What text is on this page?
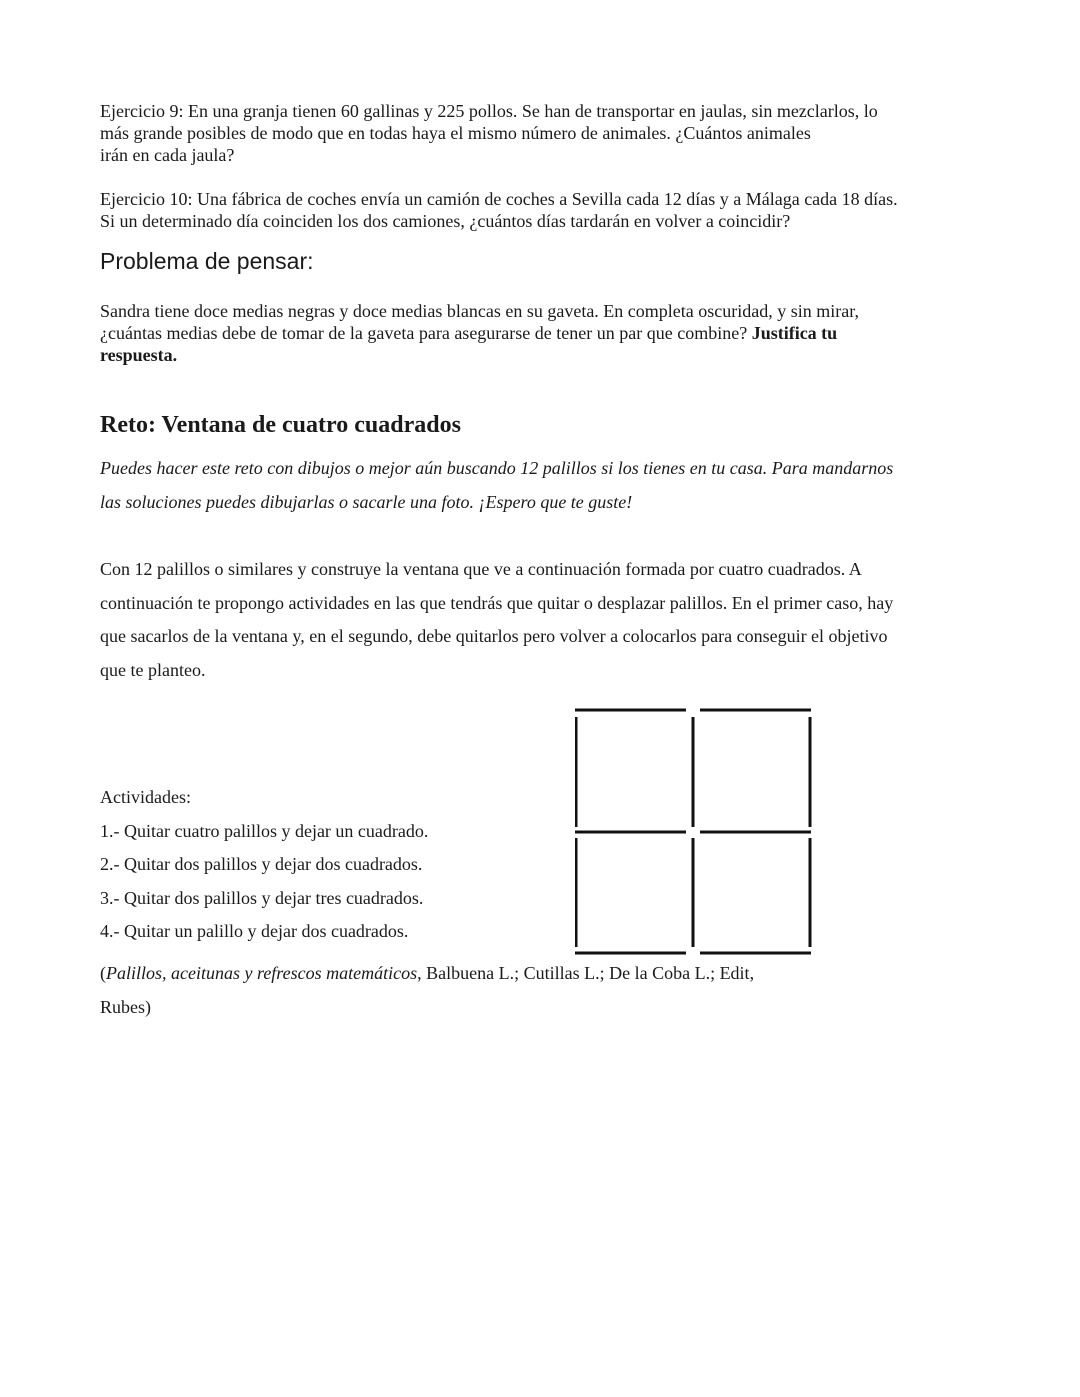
Ejercicio 9: En una granja tienen 60 gallinas y 225 pollos. Se han de transportar en jaulas, sin mezclarlos, lo
más grande posibles de modo que en todas haya el mismo número de animales. ¿Cuántos animales
irán en cada jaula?

Ejercicio 10: Una fábrica de coches envía un camión de coches a Sevilla cada 12 días y a Málaga cada 18 días.
Si un determinado día coinciden los dos camiones, ¿cuántos días tardarán en volver a coincidir?

Problema de pensar:

Sandra tiene doce medias negras y doce medias blancas en su gaveta. En completa oscuridad, y sin mirar,
¿cuántas medias debe de tomar de la gaveta para asegurarse de tener un par que combine? Justifica tu
respuesta.

Reto: Ventana de cuatro cuadrados

Puedes hacer este reto con dibujos o mejor aún buscando 12 palillos si los tienes en tu casa. Para mandarnos
las soluciones puedes dibujarlas o sacarle una foto. ¡Espero que te guste!

Con 12 palillos o similares y construye la ventana que ve a continuación formada por cuatro cuadrados. A
continuación te propongo actividades en las que tendrás que quitar o desplazar palillos. En el primer caso, hay
que sacarlos de la ventana y, en el segundo, debe quitarlos pero volver a colocarlos para conseguir el objetivo
que te planteo.

Actividades:
1.- Quitar cuatro palillos y dejar un cuadrado.
2.- Quitar dos palillos y dejar dos cuadrados.
3.- Quitar dos palillos y dejar tres cuadrados.
4.- Quitar un palillo y dejar dos cuadrados.

(Palillos, aceitunas y refrescos matemáticos, Balbuena L.; Cutillas L.; De la Coba L.; Edit,
Rubes)
